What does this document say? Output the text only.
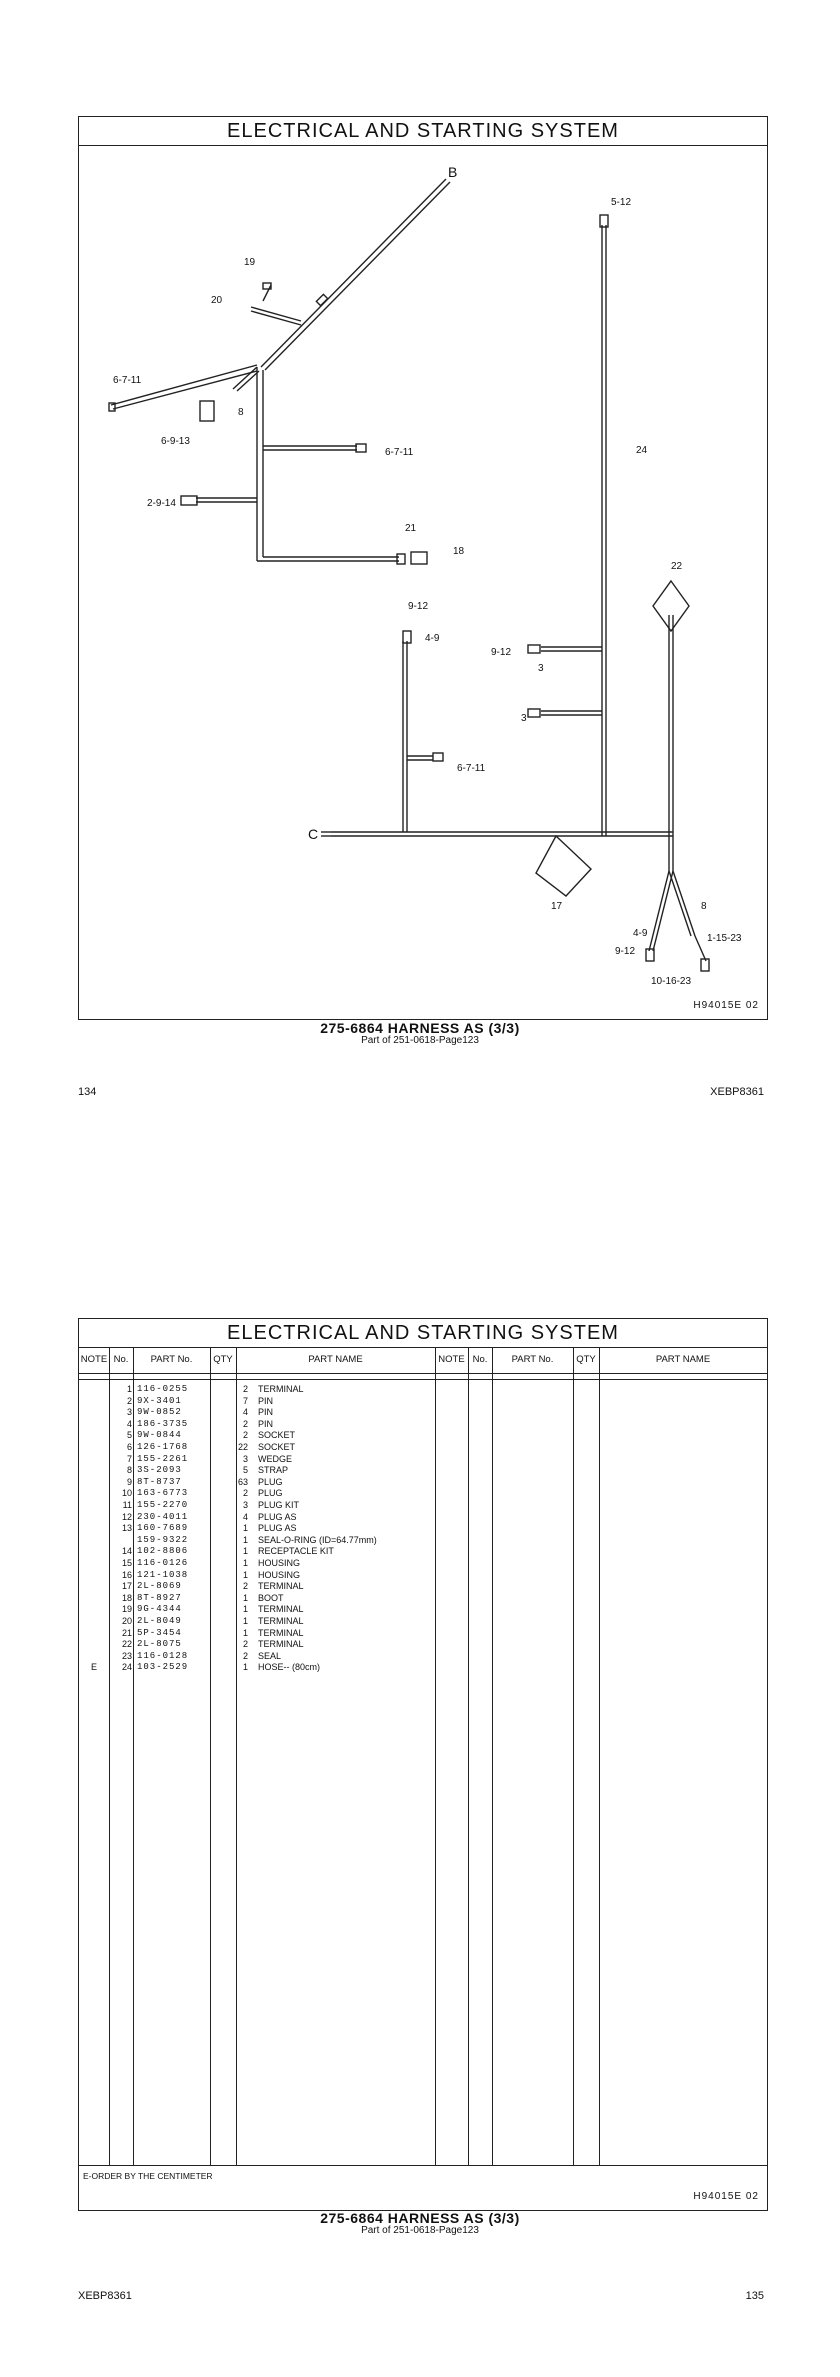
ELECTRICAL AND STARTING SYSTEM
B
C
5-12
19
20
6-7-11
8
6-9-13
6-7-11	24
2-9-14
21
18
22
9-12
4-9
9-12
3
3
6-7-11
17	8
1-15-23
4-9
9-12
10-16-23
H94015E 02
275-6864 HARNESS AS (3/3)
Part of 251-0618-Page123
134	XEBP8361
ELECTRICAL AND STARTING SYSTEM
NOTE No.	PART No.	QTY	PART NAME	NOTE No.	PART No.	QTY	PART NAME
1 116-0255	2 TERMINAL
2 9X-3401	7 PIN
3 9W-0852	4 PIN
4 186-3735	2 PIN
5 9W-0844	2 SOCKET
6 126-1768	22 SOCKET
7 155-2261	3 WEDGE
8 3S-2093	5 STRAP
9 8T-8737	63 PLUG
10 163-6773	2 PLUG
11 155-2270	3 PLUG KIT
12 230-4011	4 PLUG AS
13 160-7689	1 PLUG AS
159-9322	1 SEAL-O-RING (ID=64.77mm)
14 102-8806	1 RECEPTACLE KIT
15 116-0126	1 HOUSING
16 121-1038	1 HOUSING
17 2L-8069	2 TERMINAL
18 8T-8927	1 BOOT
19 9G-4344	1 TERMINAL
20 2L-8049	1 TERMINAL
21 5P-3454	1 TERMINAL
22 2L-8075	2 TERMINAL
23 116-0128	2 SEAL
E	24 103-2529	1 HOSE-- (80cm)
E-ORDER BY THE CENTIMETER
H94015E 02
275-6864 HARNESS AS (3/3)
Part of 251-0618-Page123
XEBP8361	135
